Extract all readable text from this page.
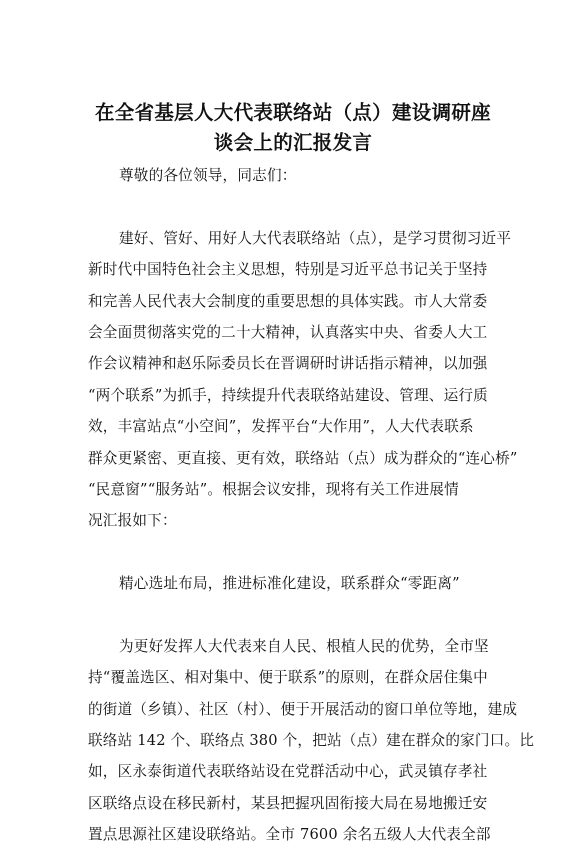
在全省基层人大代表联络站（点）建设调研座
谈会上的汇报发言
尊敬的各位领导，同志们：
建好、管好、用好人大代表联络站（点），是学习贯彻习近平
新时代中国特色社会主义思想，特别是习近平总书记关于坚持
和完善人民代表大会制度的重要思想的具体实践。市人大常委
会全面贯彻落实党的二十大精神，认真落实中央、省委人大工
作会议精神和赵乐际委员长在晋调研时讲话指示精神，以加强
“两个联系”为抓手，持续提升代表联络站建设、管理、运行质
效，丰富站点“小空间”，发挥平台“大作用”，人大代表联系
群众更紧密、更直接、更有效，联络站（点）成为群众的“连心桥”
“民意窗”“服务站”。根据会议安排，现将有关工作进展情
况汇报如下：
精心选址布局，推进标准化建设，联系群众“零距离”
为更好发挥人大代表来自人民、根植人民的优势，全市坚
持“覆盖选区、相对集中、便于联系”的原则，在群众居住集中
的街道（乡镇）、社区（村）、便于开展活动的窗口单位等地，建成
联络站 142 个、联络点 380 个，把站（点）建在群众的家门口。比
如，区永泰街道代表联络站设在党群活动中心，武灵镇存孝社
区联络点设在移民新村，某县把握巩固衔接大局在易地搬迁安
置点思源社区建设联络站。全市 7600 余名五级人大代表全部
